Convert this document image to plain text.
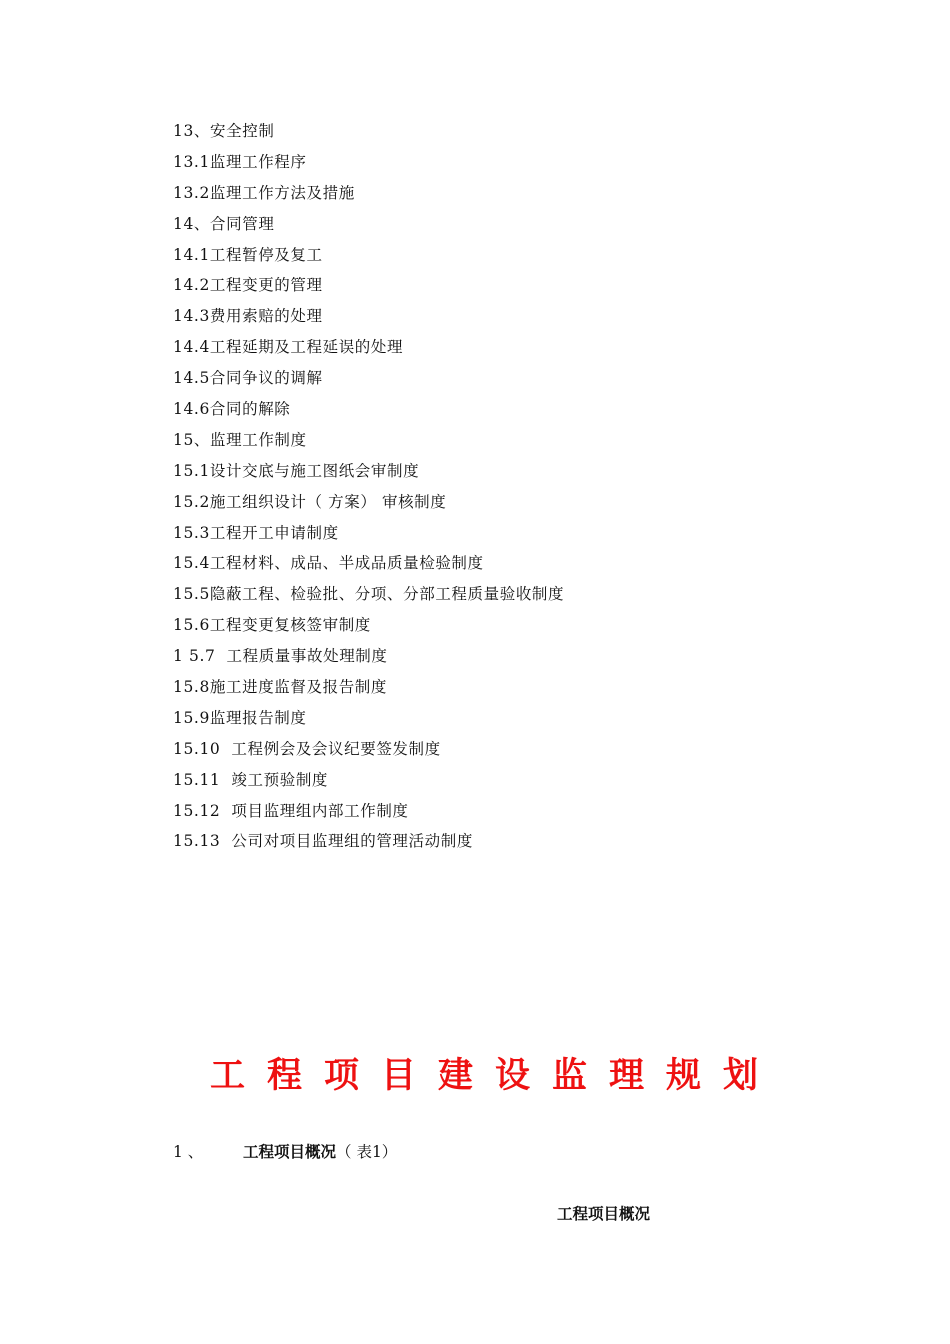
13、安全控制
13.1监理工作程序
13.2监理工作方法及措施
14、合同管理
14.1工程暂停及复工
14.2工程变更的管理
14.3费用索赔的处理
14.4工程延期及工程延误的处理
14.5合同争议的调解
14.6合同的解除
15、监理工作制度
15.1设计交底与施工图纸会审制度
15.2施工组织设计（ 方案） 审核制度
15.3工程开工申请制度
15.4工程材料、成品、半成品质量检验制度
15.5隐蔽工程、检验批、分项、分部工程质量验收制度
15.6工程变更复核签审制度
1 5.7  工程质量事故处理制度
15.8施工进度监督及报告制度
15.9监理报告制度
15.10  工程例会及会议纪要签发制度
15.11  竣工预验制度
15.12  项目监理组内部工作制度
15.13  公司对项目监理组的管理活动制度
工程项目建设监理规划
1 、	工程项目概况（ 表1）
工程项目概况
